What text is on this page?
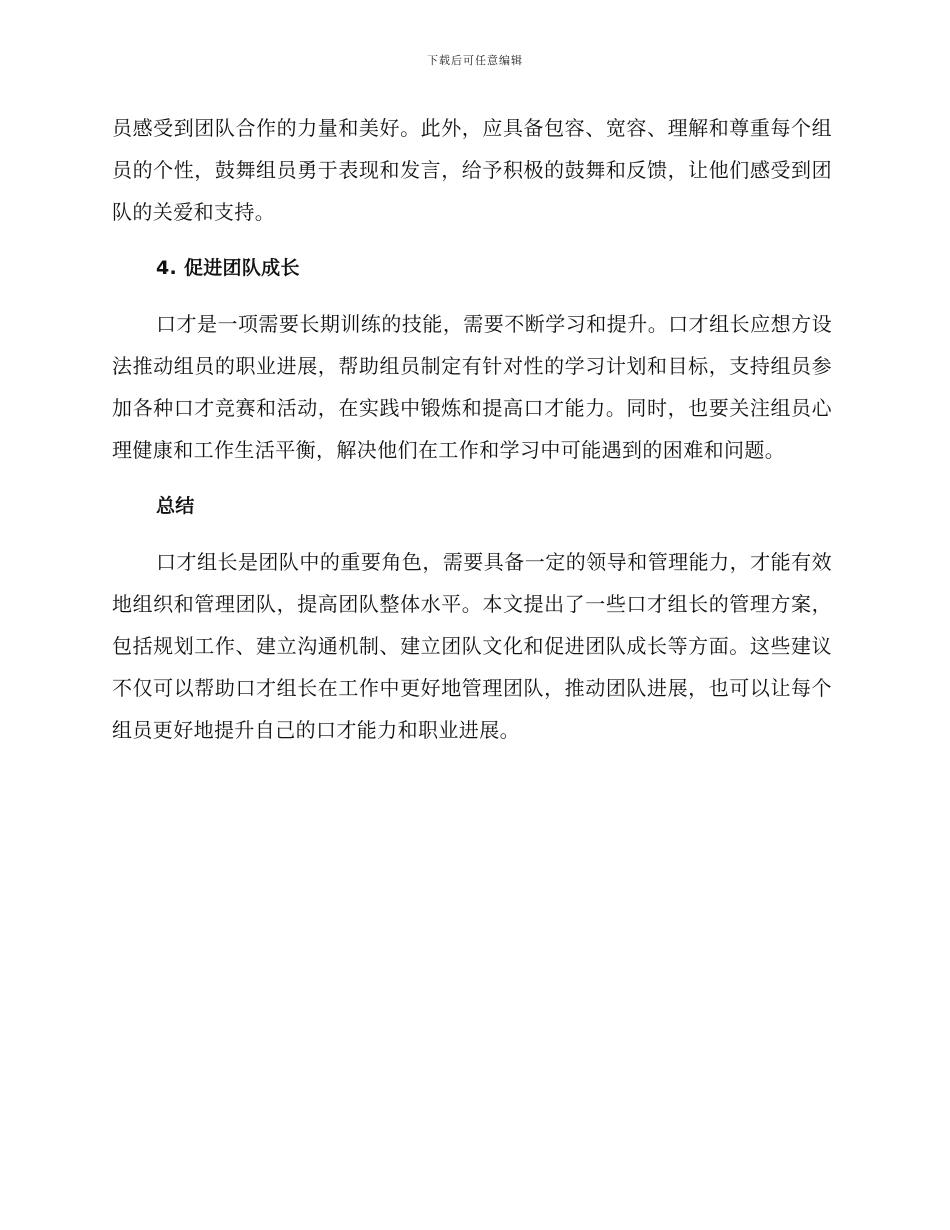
下载后可任意编辑

员感受到团队合作的力量和美好。此外，应具备包容、宽容、理解和尊重每个组员的个性，鼓舞组员勇于表现和发言，给予积极的鼓舞和反馈，让他们感受到团队的关爱和支持。

4. 促进团队成长

口才是一项需要长期训练的技能，需要不断学习和提升。口才组长应想方设法推动组员的职业进展，帮助组员制定有针对性的学习计划和目标，支持组员参加各种口才竞赛和活动，在实践中锻炼和提高口才能力。同时，也要关注组员心理健康和工作生活平衡，解决他们在工作和学习中可能遇到的困难和问题。

总结

口才组长是团队中的重要角色，需要具备一定的领导和管理能力，才能有效地组织和管理团队，提高团队整体水平。本文提出了一些口才组长的管理方案，包括规划工作、建立沟通机制、建立团队文化和促进团队成长等方面。这些建议不仅可以帮助口才组长在工作中更好地管理团队，推动团队进展，也可以让每个组员更好地提升自己的口才能力和职业进展。
